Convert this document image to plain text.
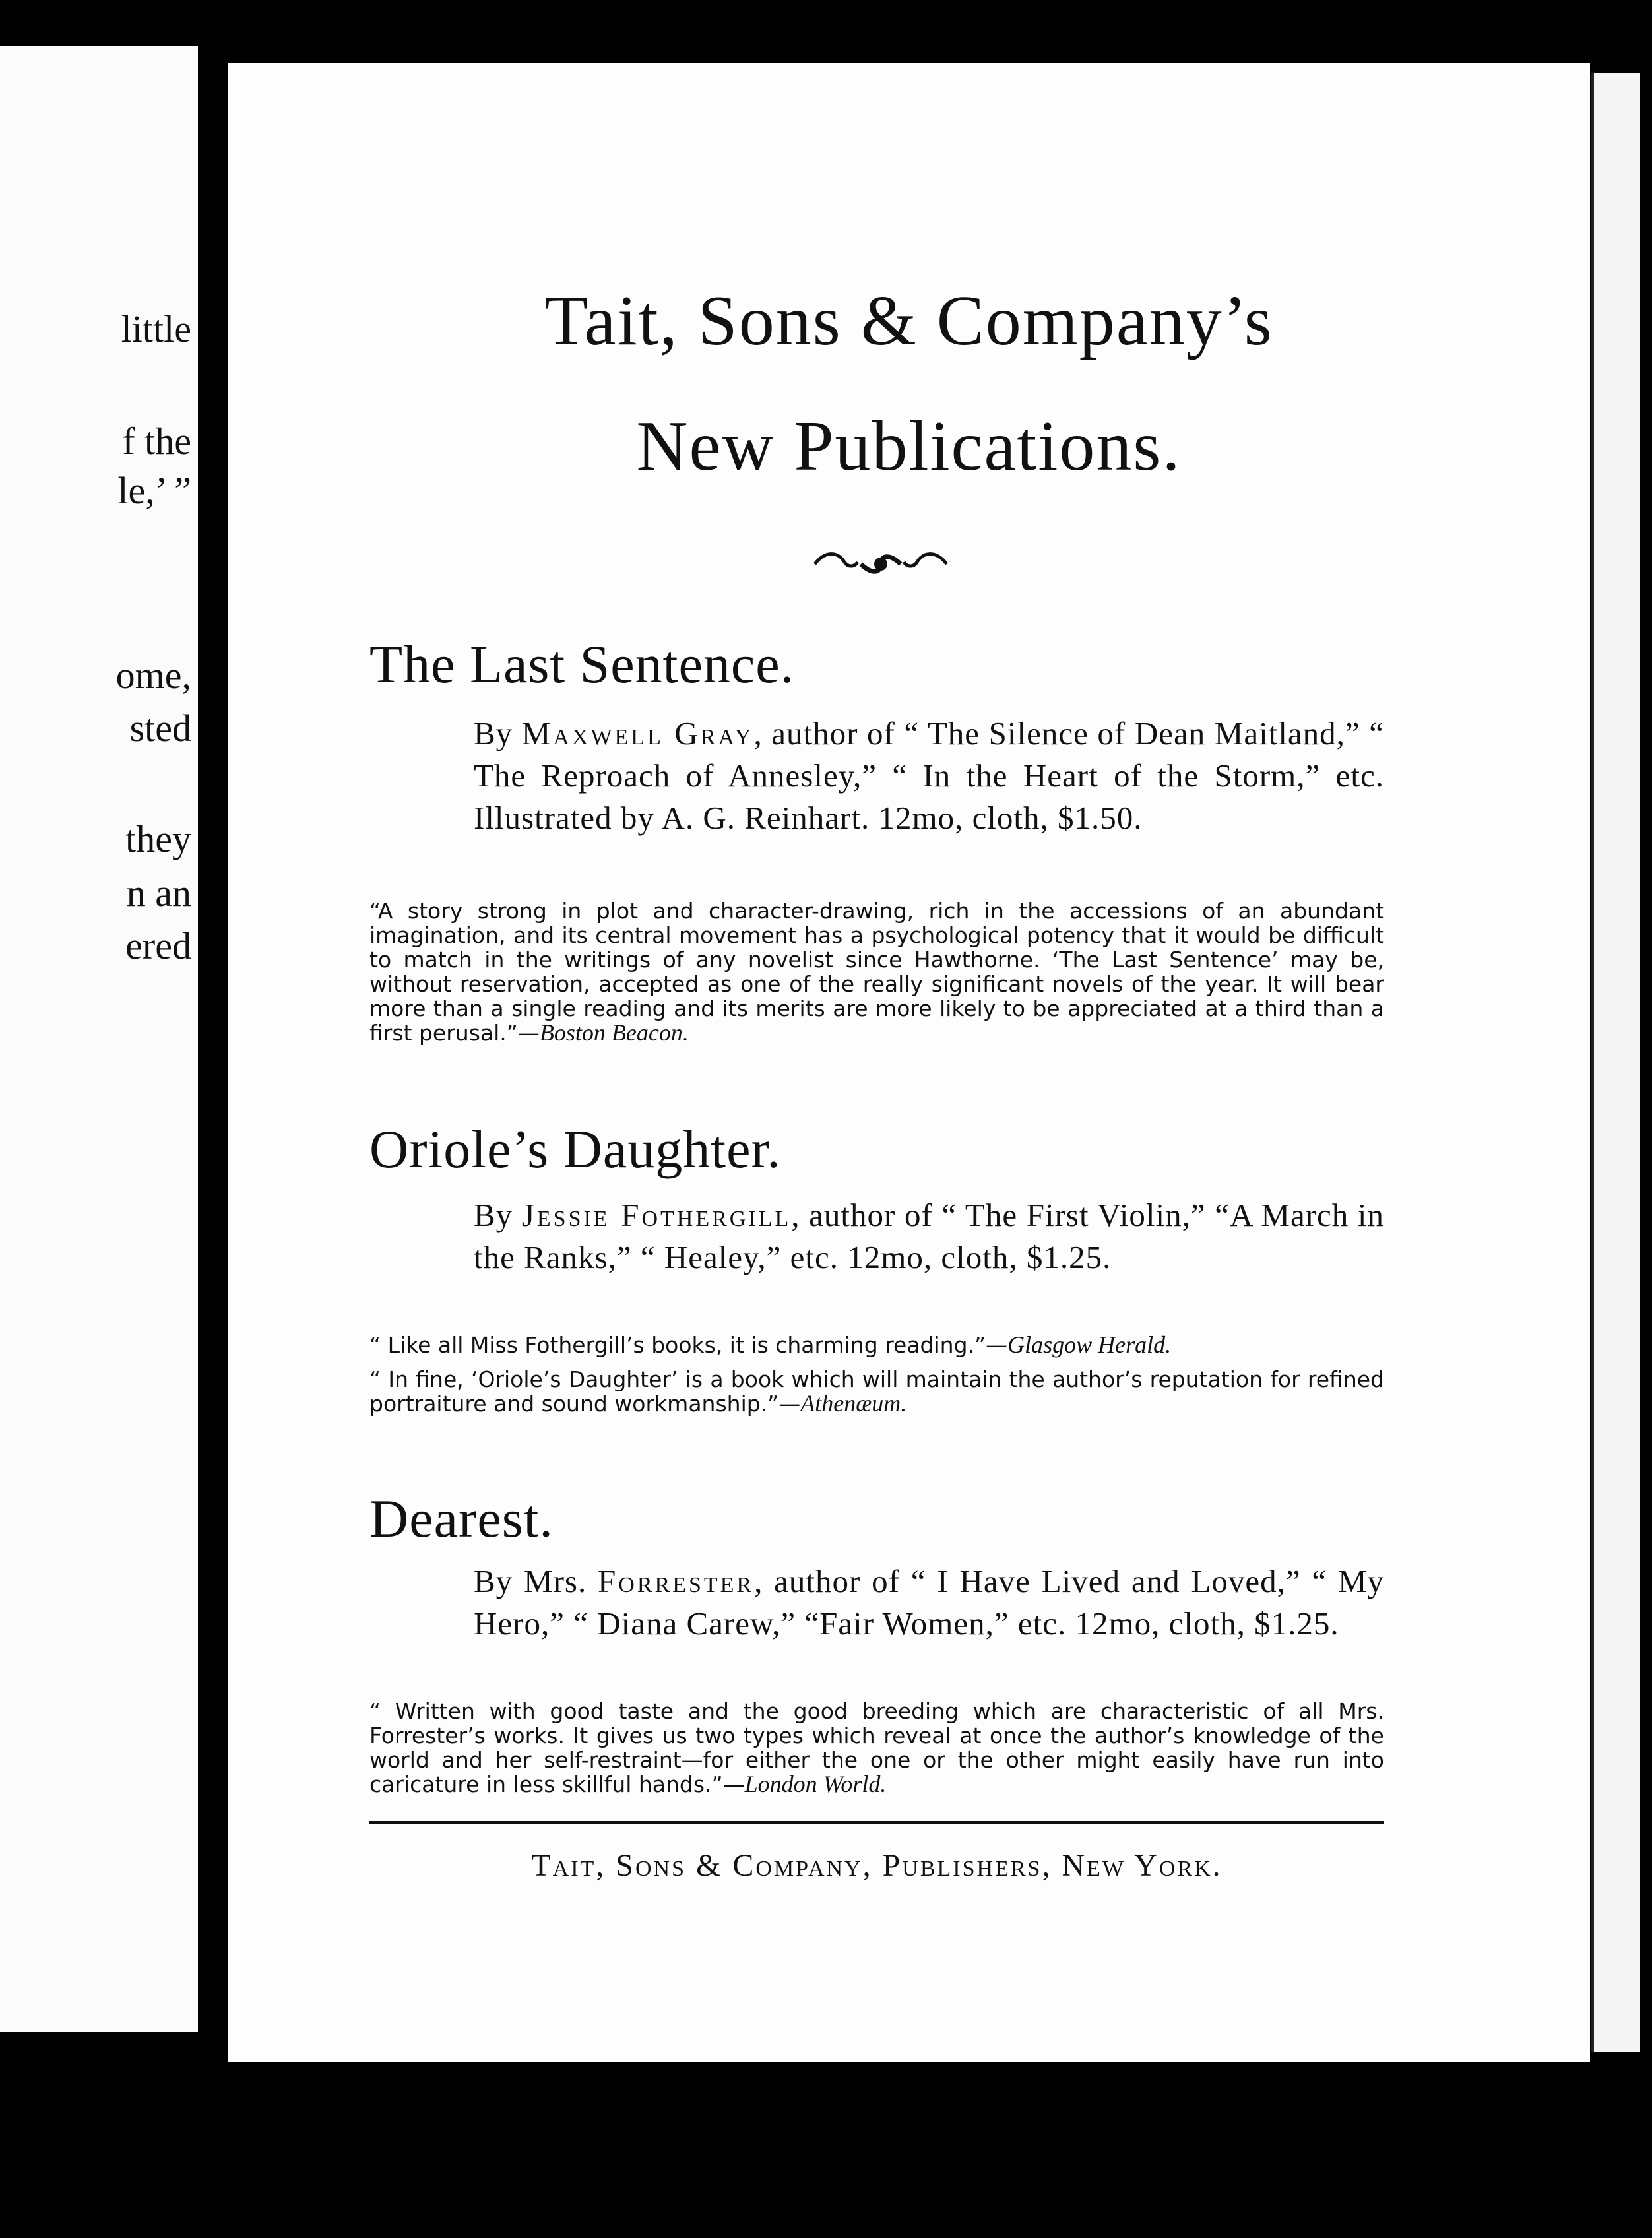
little
f the
le,’ ”
ome,
sted
they
n an
ered
Tait, Sons & Company’s
New Publications.
The Last Sentence.
By Maxwell Gray, author of “ The Silence of Dean Maitland,” “ The Reproach of Annesley,” “ In the Heart of the Storm,” etc. Illustrated by A. G. Reinhart. 12mo, cloth, $1.50.
“A story strong in plot and character-drawing, rich in the accessions of an abundant imagination, and its central movement has a psychological potency that it would be difficult to match in the writings of any novelist since Hawthorne. ‘The Last Sentence’ may be, without reservation, accepted as one of the really significant novels of the year. It will bear more than a single reading and its merits are more likely to be appreciated at a third than a first perusal.”—Boston Beacon.
Oriole’s Daughter.
By Jessie Fothergill, author of “ The First Violin,” “A March in the Ranks,” “ Healey,” etc. 12mo, cloth, $1.25.
“ Like all Miss Fothergill’s books, it is charming reading.”—Glasgow Herald.
“ In fine, ‘Oriole’s Daughter’ is a book which will maintain the author’s reputation for refined portraiture and sound workmanship.”—Athenæum.
Dearest.
By Mrs. Forrester, author of “ I Have Lived and Loved,” “ My Hero,” “ Diana Carew,” “Fair Women,” etc. 12mo, cloth, $1.25.
“ Written with good taste and the good breeding which are characteristic of all Mrs. Forrester’s works. It gives us two types which reveal at once the author’s knowledge of the world and her self-restraint—for either the one or the other might easily have run into caricature in less skillful hands.”—London World.
Tait, Sons & Company, Publishers, New York.
